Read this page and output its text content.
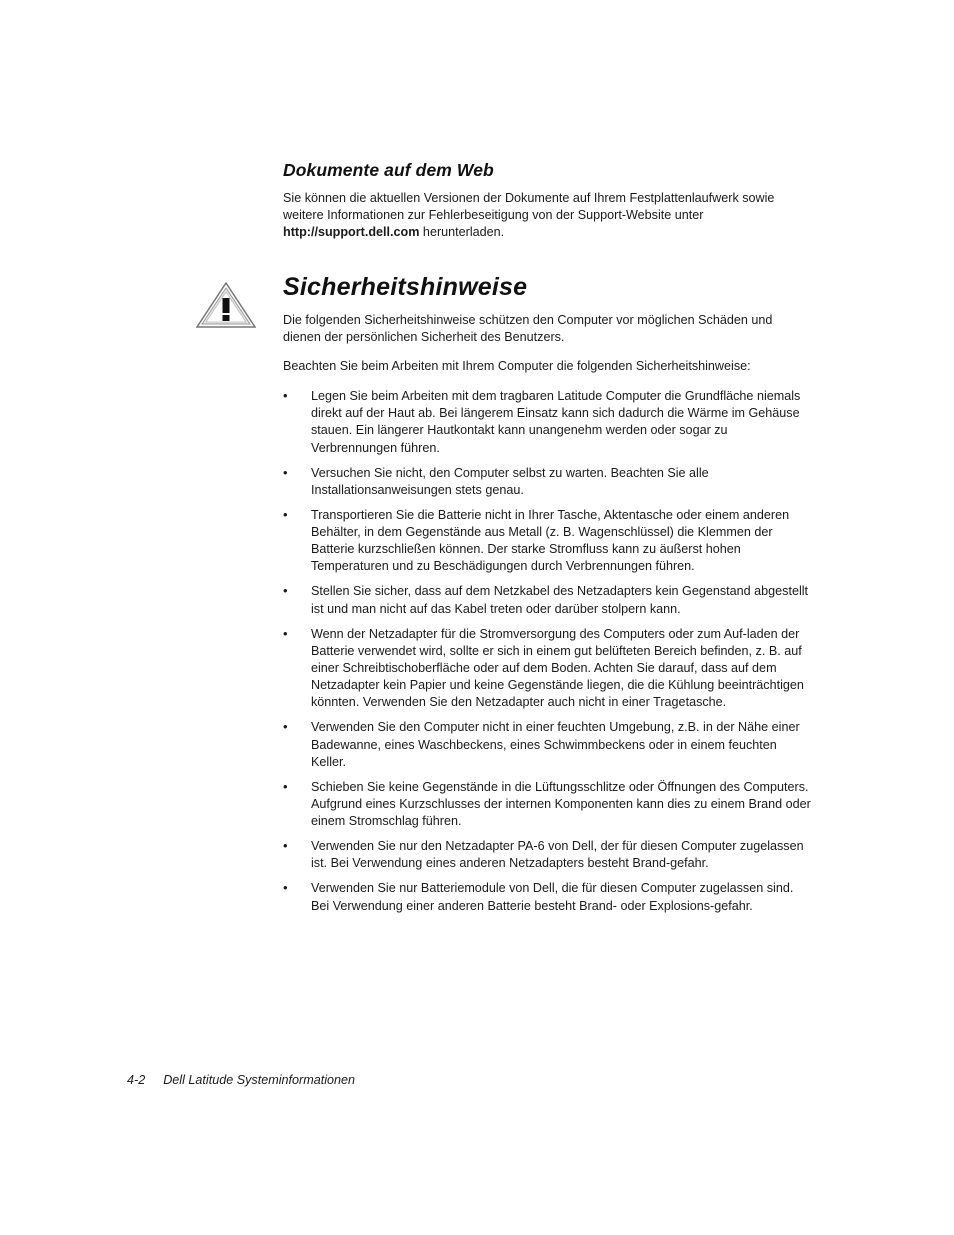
Dokumente auf dem Web

Sie können die aktuellen Versionen der Dokumente auf Ihrem Festplattenlaufwerk sowie weitere Informationen zur Fehlerbeseitigung von der Support-Website unter http://support.dell.com herunterladen.

Sicherheitshinweise

Die folgenden Sicherheitshinweise schützen den Computer vor möglichen Schäden und dienen der persönlichen Sicherheit des Benutzers.

Beachten Sie beim Arbeiten mit Ihrem Computer die folgenden Sicherheitshinweise:

• Legen Sie beim Arbeiten mit dem tragbaren Latitude Computer die Grundfläche niemals direkt auf der Haut ab. Bei längerem Einsatz kann sich dadurch die Wärme im Gehäuse stauen. Ein längerer Hautkontakt kann unangenehm werden oder sogar zu Verbrennungen führen.
• Versuchen Sie nicht, den Computer selbst zu warten. Beachten Sie alle Installationsanweisungen stets genau.
• Transportieren Sie die Batterie nicht in Ihrer Tasche, Aktentasche oder einem anderen Behälter, in dem Gegenstände aus Metall (z. B. Wagenschlüssel) die Klemmen der Batterie kurzschließen können. Der starke Stromfluss kann zu äußerst hohen Temperaturen und zu Beschädigungen durch Verbrennungen führen.
• Stellen Sie sicher, dass auf dem Netzkabel des Netzadapters kein Gegenstand abgestellt ist und man nicht auf das Kabel treten oder darüber stolpern kann.
• Wenn der Netzadapter für die Stromversorgung des Computers oder zum Auf-laden der Batterie verwendet wird, sollte er sich in einem gut belüfteten Bereich befinden, z. B. auf einer Schreibtischoberfläche oder auf dem Boden. Achten Sie darauf, dass auf dem Netzadapter kein Papier und keine Gegenstände liegen, die die Kühlung beeinträchtigen könnten. Verwenden Sie den Netzadapter auch nicht in einer Tragetasche.
• Verwenden Sie den Computer nicht in einer feuchten Umgebung, z.B. in der Nähe einer Badewanne, eines Waschbeckens, eines Schwimmbeckens oder in einem feuchten Keller.
• Schieben Sie keine Gegenstände in die Lüftungsschlitze oder Öffnungen des Computers. Aufgrund eines Kurzschlusses der internen Komponenten kann dies zu einem Brand oder einem Stromschlag führen.
• Verwenden Sie nur den Netzadapter PA-6 von Dell, der für diesen Computer zugelassen ist. Bei Verwendung eines anderen Netzadapters besteht Brand-gefahr.
• Verwenden Sie nur Batteriemodule von Dell, die für diesen Computer zugelassen sind. Bei Verwendung einer anderen Batterie besteht Brand- oder Explosions-gefahr.
4-2 Dell Latitude Systeminformationen
